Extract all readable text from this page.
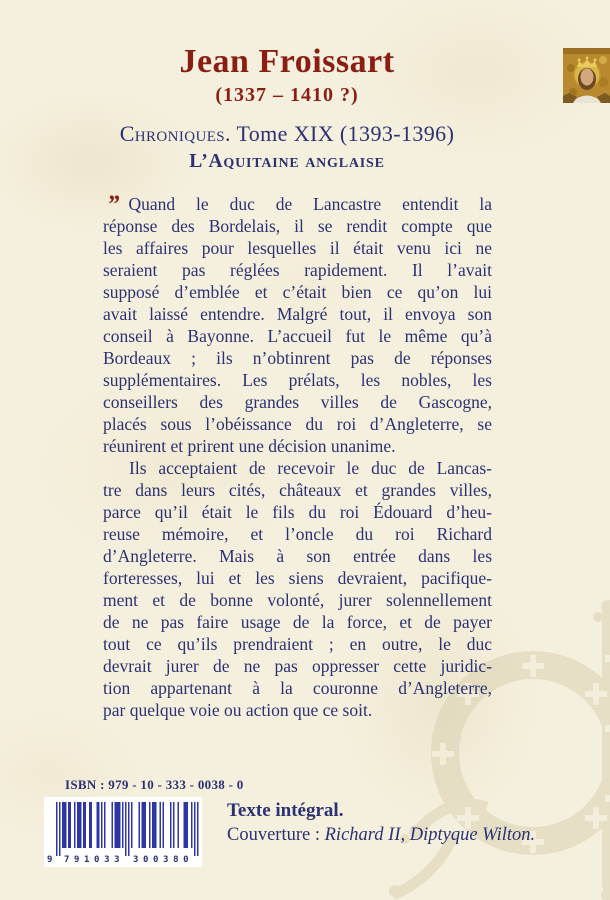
Jean Froissart
(1337 – 1410 ?)
Chroniques. Tome XIX (1393-1396)
L’Aquitaine anglaise
” Quand le duc de Lancastre entendit la
réponse des Bordelais, il se rendit compte que
les affaires pour lesquelles il était venu ici ne
seraient pas réglées rapidement. Il l’avait
supposé d’emblée et c’était bien ce qu’on lui
avait laissé entendre. Malgré tout, il envoya son
conseil à Bayonne. L’accueil fut le même qu’à
Bordeaux ; ils n’obtinrent pas de réponses
supplémentaires. Les prélats, les nobles, les
conseillers des grandes villes de Gascogne,
placés sous l’obéissance du roi d’Angleterre, se
réunirent et prirent une décision unanime.
Ils acceptaient de recevoir le duc de Lancas-
tre dans leurs cités, châteaux et grandes villes,
parce qu’il était le fils du roi Édouard d’heu-
reuse mémoire, et l’oncle du roi Richard
d’Angleterre. Mais à son entrée dans les
forteresses, lui et les siens devraient, pacifique-
ment et de bonne volonté, jurer solennellement
de ne pas faire usage de la force, et de payer
tout ce qu’ils prendraient ; en outre, le duc
devrait jurer de ne pas oppresser cette juridic-
tion appartenant à la couronne d’Angleterre,
par quelque voie ou action que ce soit.
ISBN : 979 - 10 - 333 - 0038 - 0
9 791033 300380
Texte intégral.
Couverture : Richard II, Diptyque Wilton.
